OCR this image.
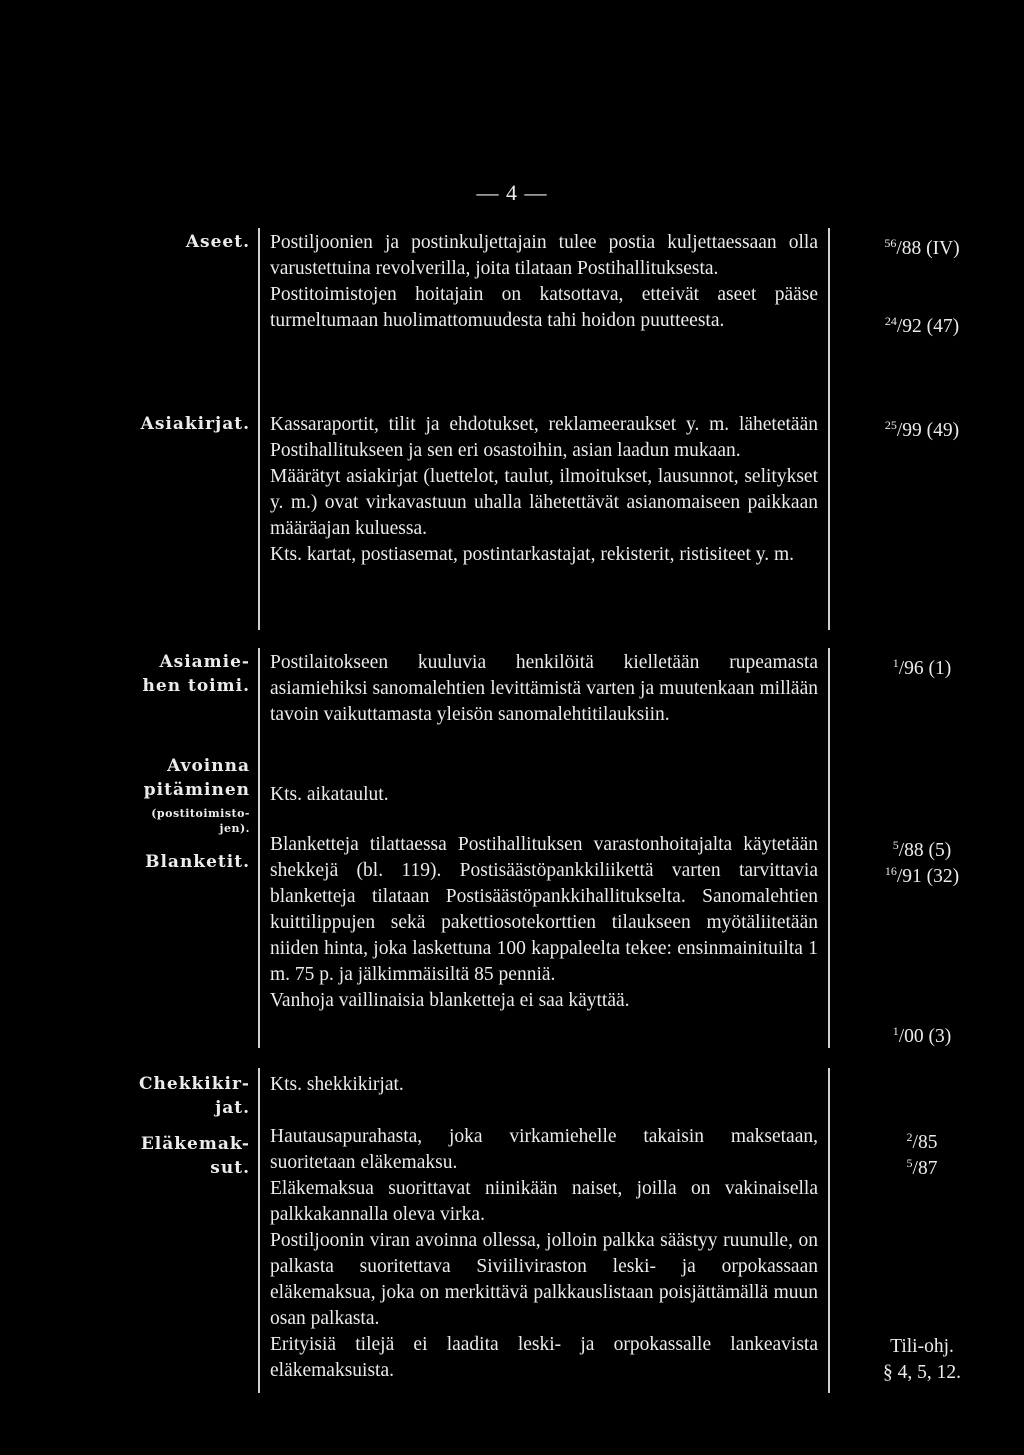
— 4 —
Aseet. Postiljoonien ja postinkuljettajain tulee postia kuljettaessaan olla varustettuina revolverilla, joita tilataan Postihallituksesta.

Postitoimistojen hoitajain on katsottava, etteivät aseet pääse turmeltumaan huolimattomuudesta tahi hoidon puutteesta.

$^{56}$/88 (IV)
$^{24}$/92 (47)
Asiakirjat. Kassaraportit, tilit ja ehdotukset, reklameeraukset y. m. lähetetään Postihallitukseen ja sen eri osastoihin, asian laadun mukaan.

Määrätyt asiakirjat (luettelot, taulut, ilmoitukset, lausunnot, selitykset y. m.) ovat virkavastuun uhalla lähetettävät asianomaiseen paikkaan määräajan kuluessa.

Kts. kartat, postiasemat, postintarkastajat, rekisterit, ristisiteet y. m.

$^{25}$/99 (49)
Asiamie-
hen toimi.

Postilaitokseen kuuluvia henkilöitä kielletään rupeamasta asiamiehiksi sanomalehtien levittämistä varten ja muutenkaan millään tavoin vaikuttamasta yleisön sanomalehtitilauksiin.

$^1$/96 (1)
Avoinna
pitäminen
(postitoimisto-
jen).

Kts. aikataulut.

Blanketit.

Blanketteja tilattaessa Postihallituksen varastonhoitajalta käytetään shekkejä (bl. 119). Postisäästöpankkiliikettä varten tarvittavia blanketteja tilataan Postisäästöpankkihallitukselta. Sanomalehtien kuittilippujen sekä pakettiosotekorttien tilaukseen myötäliitetään niiden hinta, joka laskettuna 100 kappaleelta tekee: ensinmainituilta 1 m. 75 p. ja jälkimmäisiltä 85 penniä.

Vanhoja vaillinaisia blanketteja ei saa käyttää.

$^5$/88 (5)
$^{16}$/91 (32)
$^1$/00 (3)
Chekkikir-
jat.

Kts. shekkikirjat.

Eläkemak-
sut.

Hautausapurahasta, joka virkamiehelle takaisin maksetaan, suoritetaan eläkemaksu.

Eläkemaksua suorittavat niinikään naiset, joilla on vakinaisella palkkakannalla oleva virka.

Postiljoonin viran avoinna ollessa, jolloin palkka säästyy ruunulle, on palkasta suoritettava Siviiliviraston leski- ja orpokassaan eläkemaksua, joka on merkittävä palkkauslistaan poisjättämällä muun osan palkasta.

Erityisiä tilejä ei laadita leski- ja orpokassalle lankeavista eläkemaksuista.

$^2$/85
$^5$/87
Tili-ohj.
§ 4, 5, 12.
